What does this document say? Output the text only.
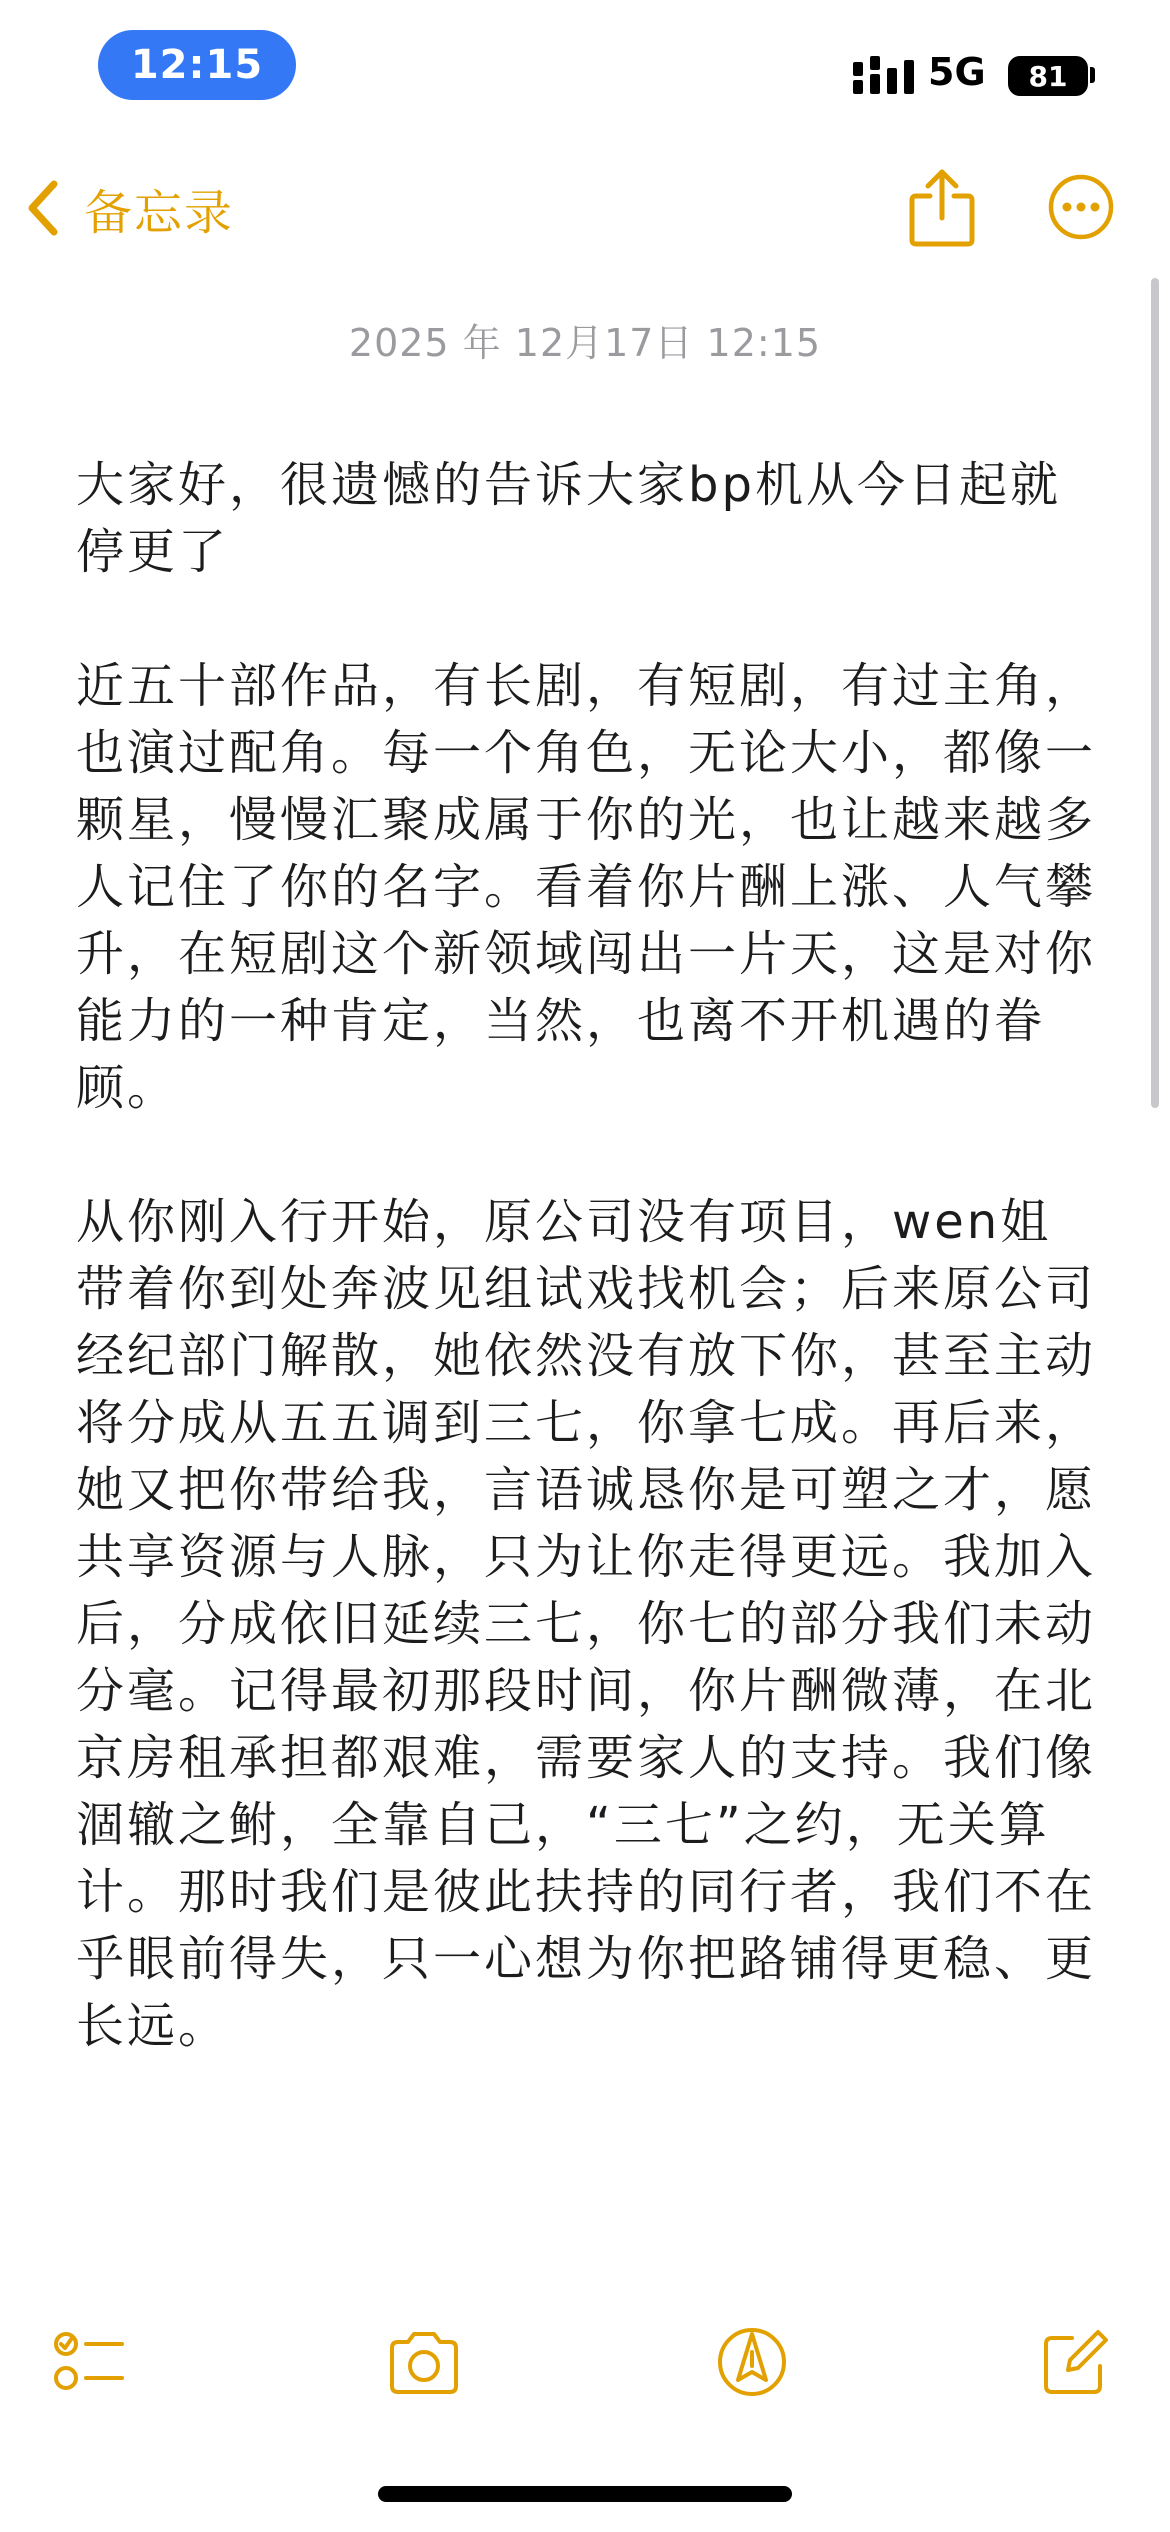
12:15	5G	81
备忘录
2025 年 12月17日 12:15

大家好，很遗憾的告诉大家bp机从今日起就停更了

近五十部作品，有长剧，有短剧，有过主角，也演过配角。每一个角色，无论大小，都像一颗星，慢慢汇聚成属于你的光，也让越来越多人记住了你的名字。看着你片酬上涨、人气攀升，在短剧这个新领域闯出一片天，这是对你能力的一种肯定，当然，也离不开机遇的眷顾。

从你刚入行开始，原公司没有项目，wen姐带着你到处奔波见组试戏找机会；后来原公司经纪部门解散，她依然没有放下你，甚至主动将分成从五五调到三七，你拿七成。再后来，她又把你带给我，言语诚恳你是可塑之才，愿共享资源与人脉，只为让你走得更远。我加入后，分成依旧延续三七，你七的部分我们未动分毫。记得最初那段时间，你片酬微薄，在北京房租承担都艰难，需要家人的支持。我们像涸辙之鲋，全靠自己，“三七”之约，无关算计。那时我们是彼此扶持的同行者，我们不在乎眼前得失，只一心想为你把路铺得更稳、更长远。
